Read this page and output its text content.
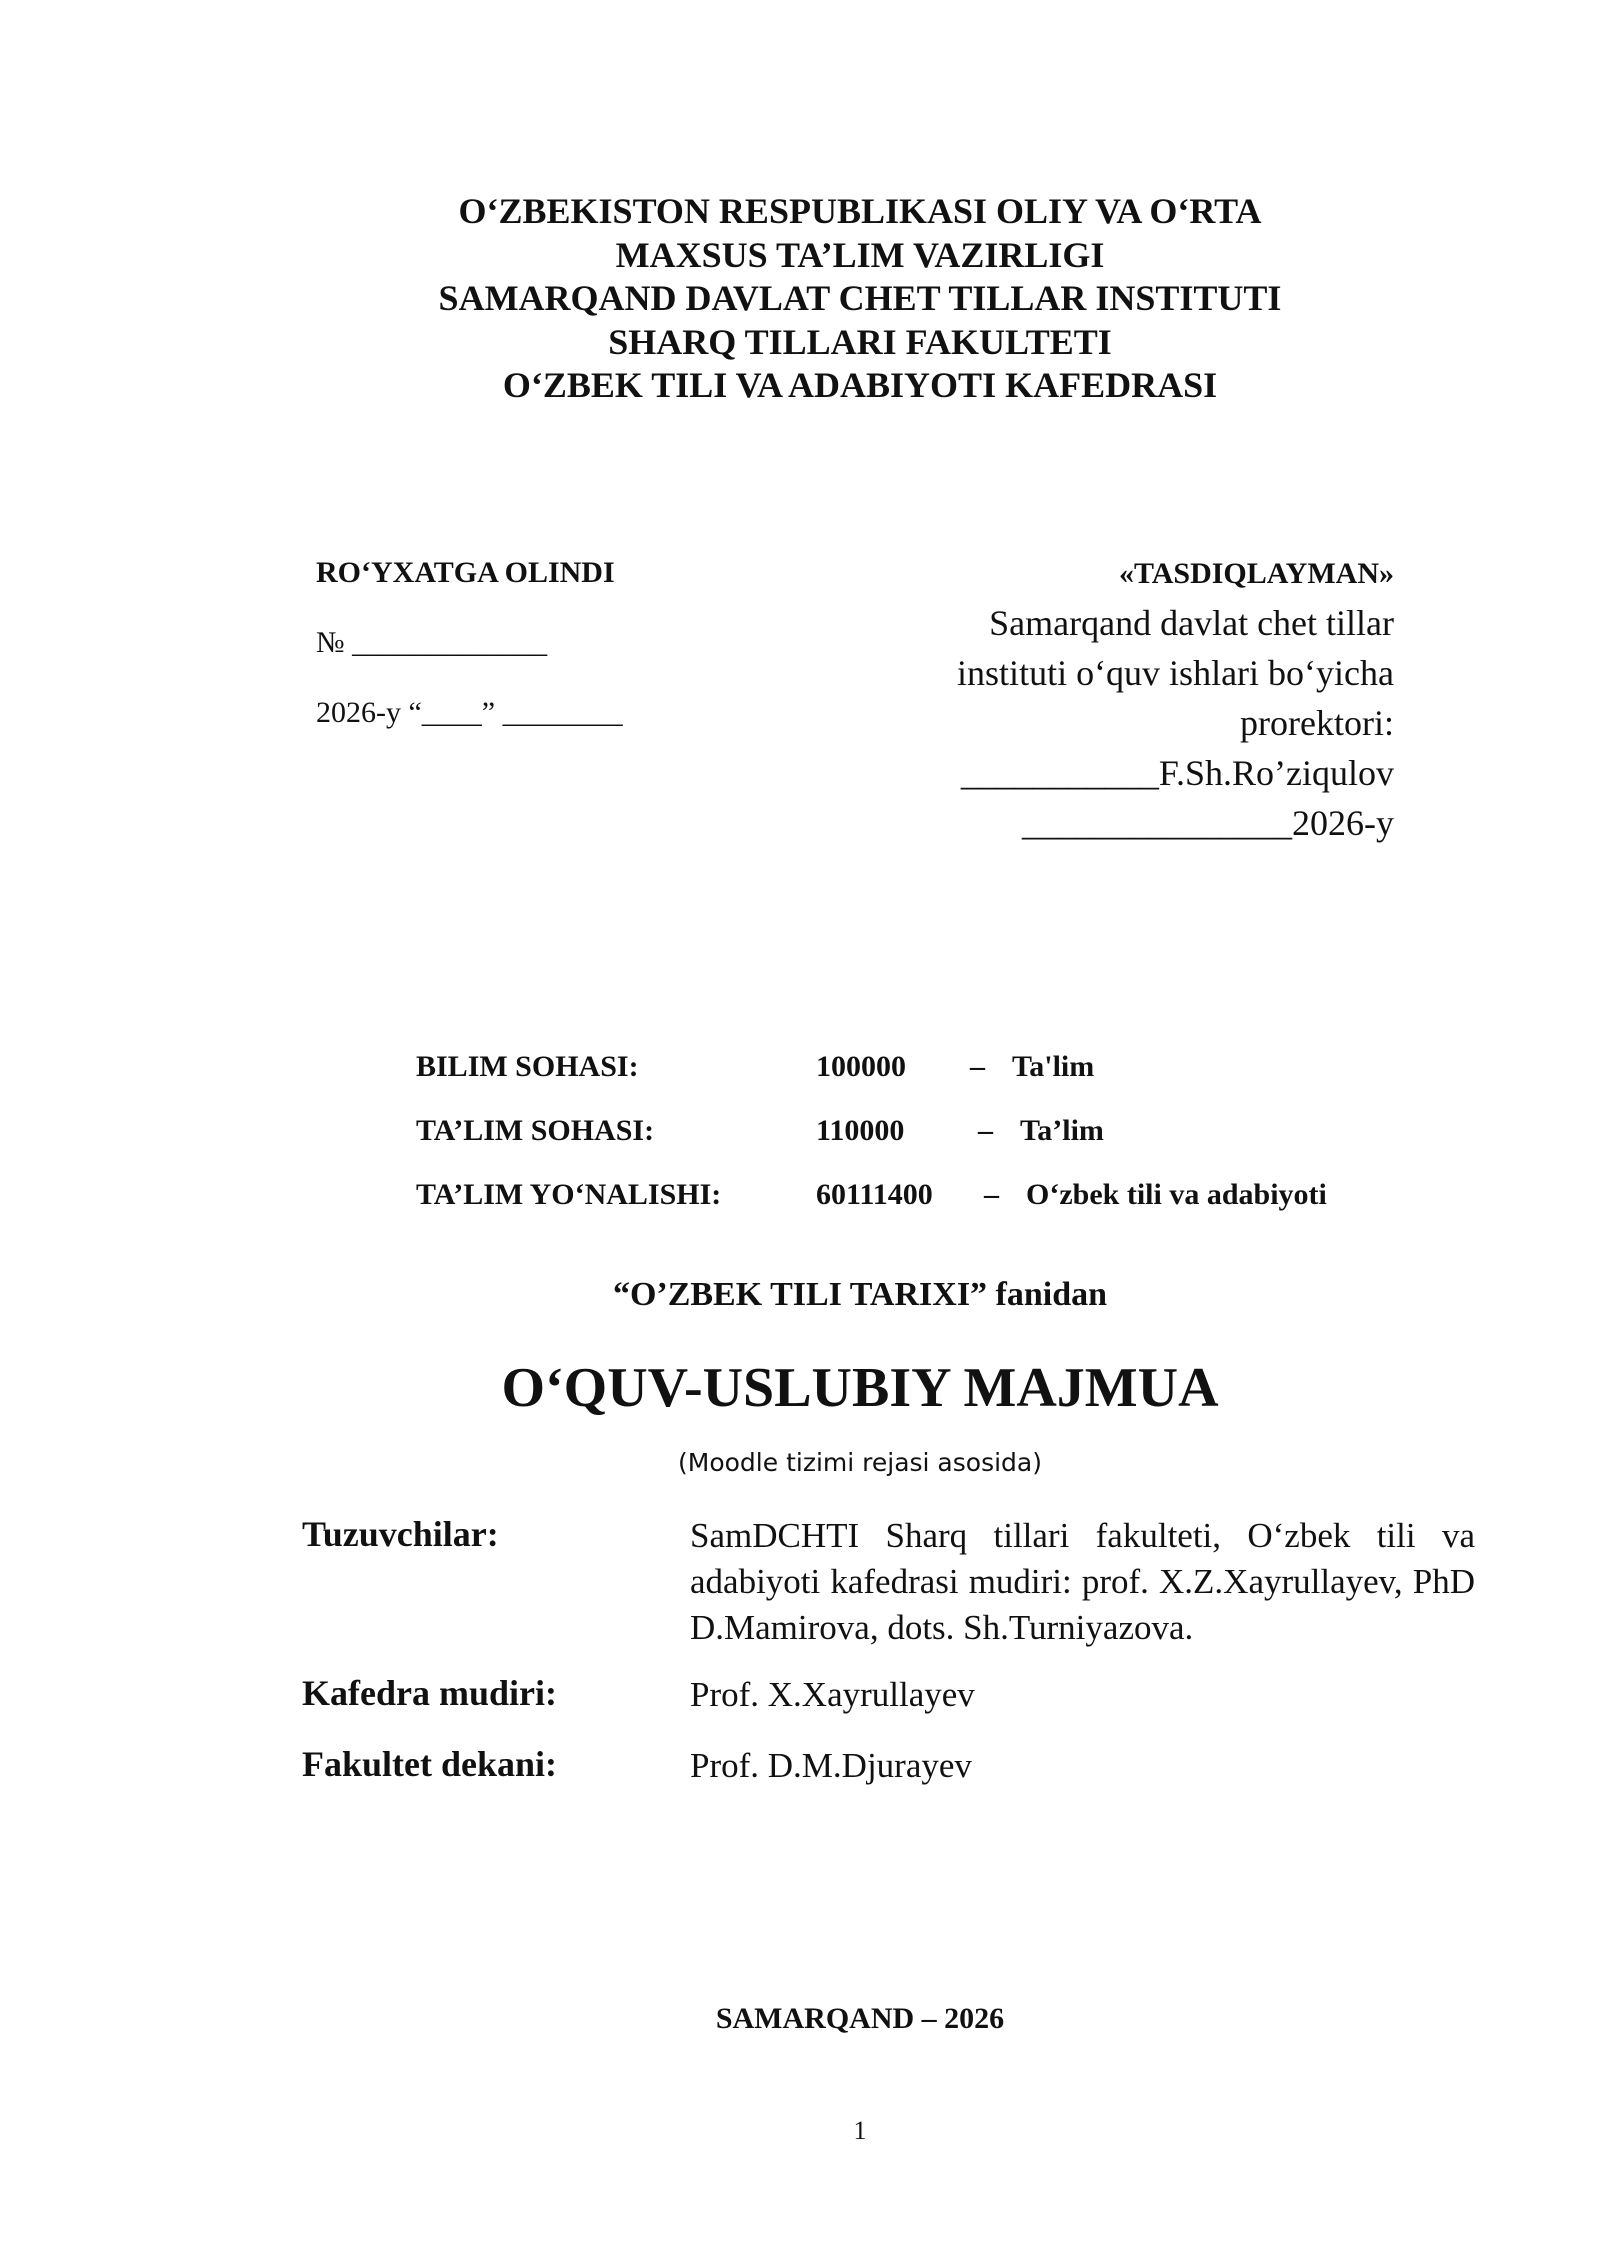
O‘ZBEKISTON RESPUBLIKASI OLIY VA O‘RTA
MAXSUS TA’LIM VAZIRLIGI
SAMARQAND DAVLAT CHET TILLAR INSTITUTI
SHARQ TILLARI FAKULTETI
O‘ZBEK TILI VA ADABIYOTI KAFEDRASI
RO‘YXATGA OLINDI
№ _____________
2026-y “____” ________
«TASDIQLAYMAN»
Samarqand davlat chet tillar
instituti o‘quv ishlari bo‘yicha
prorektori:
___________F.Sh.Ro’ziqulov
_______________2026-y
BILIM SOHASI:	100000 – Ta'lim
TA’LIM SOHASI:	110000 – Ta’lim
TA’LIM YO‘NALISHI:	60111400 – O‘zbek tili va adabiyoti
“O’ZBEK TILI TARIXI” fanidan
O‘QUV-USLUBIY MAJMUA
(Moodle tizimi rejasi asosida)
Tuzuvchilar:	SamDCHTI Sharq tillari fakulteti, O‘zbek tili va adabiyoti kafedrasi mudiri: prof. X.Z.Xayrullayev, PhD D.Mamirova, dots. Sh.Turniyazova.
Kafedra mudiri:	Prof. X.Xayrullayev
Fakultet dekani:	Prof. D.M.Djurayev
SAMARQAND – 2026
1
